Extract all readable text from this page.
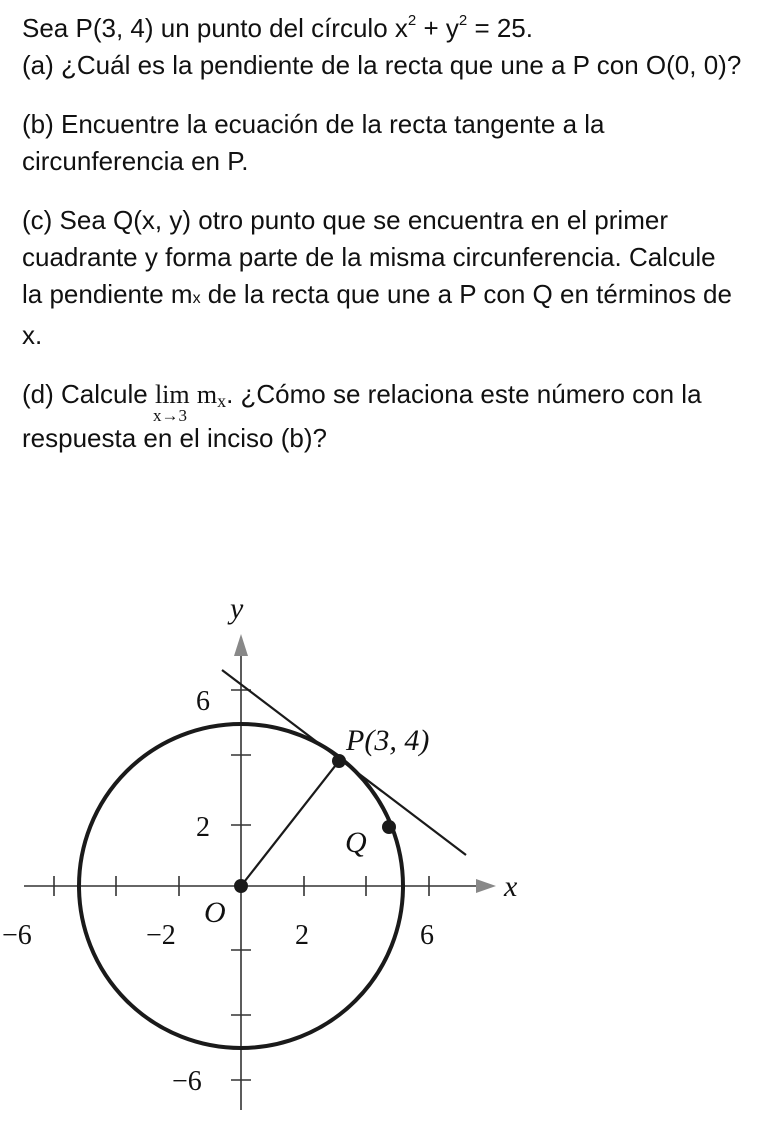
Sea P(3, 4) un punto del círculo $x^2 + y^2 = 25$.

(a) ¿Cuál es la pendiente de la recta que une a P con O(0, 0)?

(b) Encuentre la ecuación de la recta tangente a la circunferencia en P.

(c) Sea Q(x, y) otro punto que se encuentra en el primer cuadrante y forma parte de la misma circunferencia. Calcule la pendiente mx de la recta que une a P con Q en términos de x.

(d) Calcule lim
x→3
$m_x$. ¿Cómo se relaciona este número con la respuesta en el inciso (b)?

y
x
O
P(3, 4)
Q
−6	−2	2	6
6
2
−6
